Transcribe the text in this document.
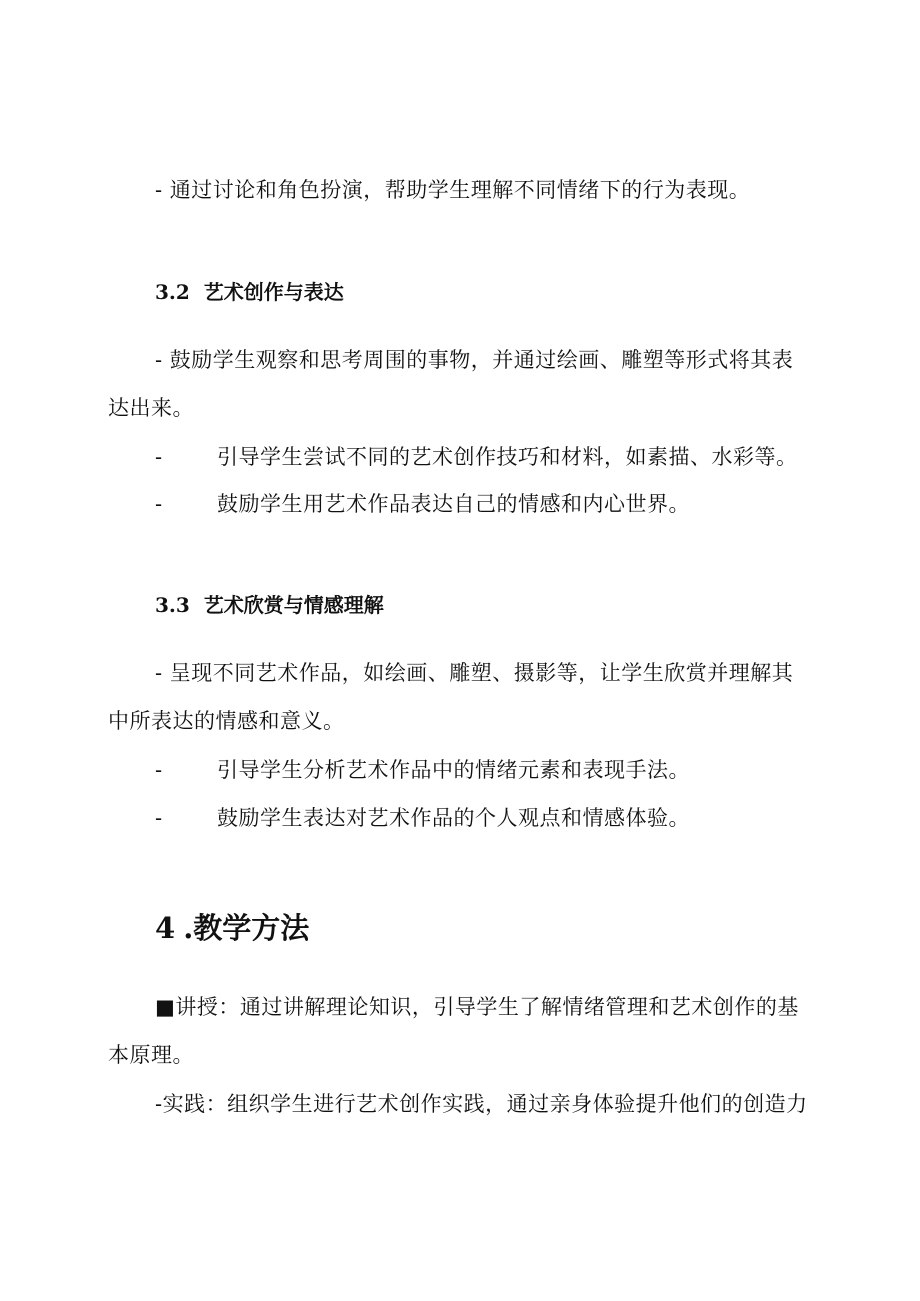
- 通过讨论和角色扮演，帮助学生理解不同情绪下的行为表现。
3.2 艺术创作与表达
- 鼓励学生观察和思考周围的事物，并通过绘画、雕塑等形式将其表
达出来。
-	引导学生尝试不同的艺术创作技巧和材料，如素描、水彩等。
-	鼓励学生用艺术作品表达自己的情感和内心世界。
3.3 艺术欣赏与情感理解
- 呈现不同艺术作品，如绘画、雕塑、摄影等，让学生欣赏并理解其
中所表达的情感和意义。
-	引导学生分析艺术作品中的情绪元素和表现手法。
-	鼓励学生表达对艺术作品的个人观点和情感体验。
4 .教学方法
■讲授：通过讲解理论知识，引导学生了解情绪管理和艺术创作的基
本原理。
-实践：组织学生进行艺术创作实践，通过亲身体验提升他们的创造力
